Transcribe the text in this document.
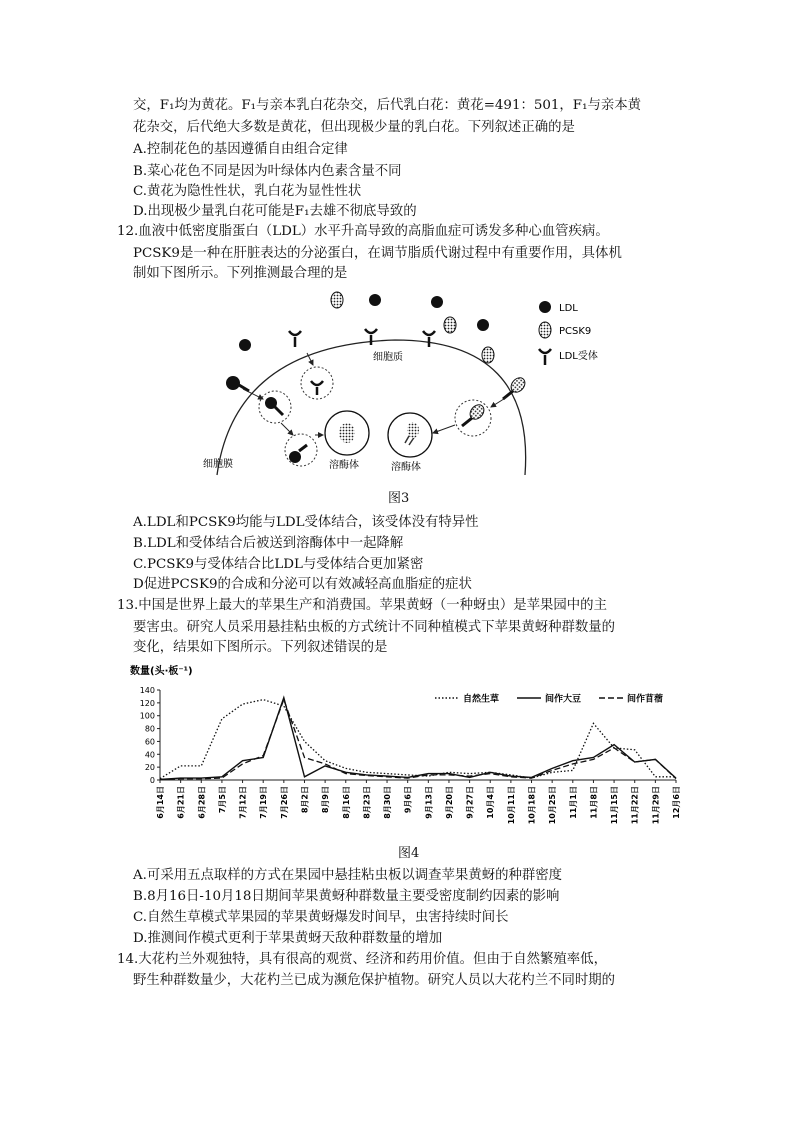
交，F₁均为黄花。F₁与亲本乳白花杂交，后代乳白花：黄花=491：501，F₁与亲本黄
花杂交，后代绝大多数是黄花，但出现极少量的乳白花。下列叙述正确的是
A.控制花色的基因遵循自由组合定律
B.菜心花色不同是因为叶绿体内色素含量不同
C.黄花为隐性性状，乳白花为显性性状
D.出现极少量乳白花可能是F₁去雄不彻底导致的
12.血液中低密度脂蛋白（LDL）水平升高导致的高脂血症可诱发多种心血管疾病。
PCSK9是一种在肝脏表达的分泌蛋白，在调节脂质代谢过程中有重要作用，具体机
制如下图所示。下列推测最合理的是
细胞质
细胞膜	溶酶体	溶酶体
LDL
PCSK9
LDL受体
图3
A.LDL和PCSK9均能与LDL受体结合，该受体没有特异性
B.LDL和受体结合后被送到溶酶体中一起降解
C.PCSK9与受体结合比LDL与受体结合更加紧密
D促进PCSK9的合成和分泌可以有效减轻高血脂症的症状
13.中国是世界上最大的苹果生产和消费国。苹果黄蚜（一种蚜虫）是苹果园中的主
要害虫。研究人员采用悬挂粘虫板的方式统计不同种植模式下苹果黄蚜种群数量的
变化，结果如下图所示。下列叙述错误的是
数量(头·板⁻¹)
0
20
40
60
80
100
120
140
6月14日 6月21日 6月28日 7月5日 7月12日 7月19日 7月26日 8月2日 8月9日 8月16日 8月23日 8月30日 9月6日 9月13日 9月20日 9月27日 10月4日 10月11日 10月18日 10月25日 11月1日 11月8日 11月15日 11月22日 11月29日 12月6日
自然生草	间作大豆	间作苜蓿
图4
A.可采用五点取样的方式在果园中悬挂粘虫板以调查苹果黄蚜的种群密度
B.8月16日-10月18日期间苹果黄蚜种群数量主要受密度制约因素的影响
C.自然生草模式苹果园的苹果黄蚜爆发时间早，虫害持续时间长
D.推测间作模式更利于苹果黄蚜天敌种群数量的增加
14.大花杓兰外观独特，具有很高的观赏、经济和药用价值。但由于自然繁殖率低，
野生种群数量少，大花杓兰已成为濒危保护植物。研究人员以大花杓兰不同时期的
